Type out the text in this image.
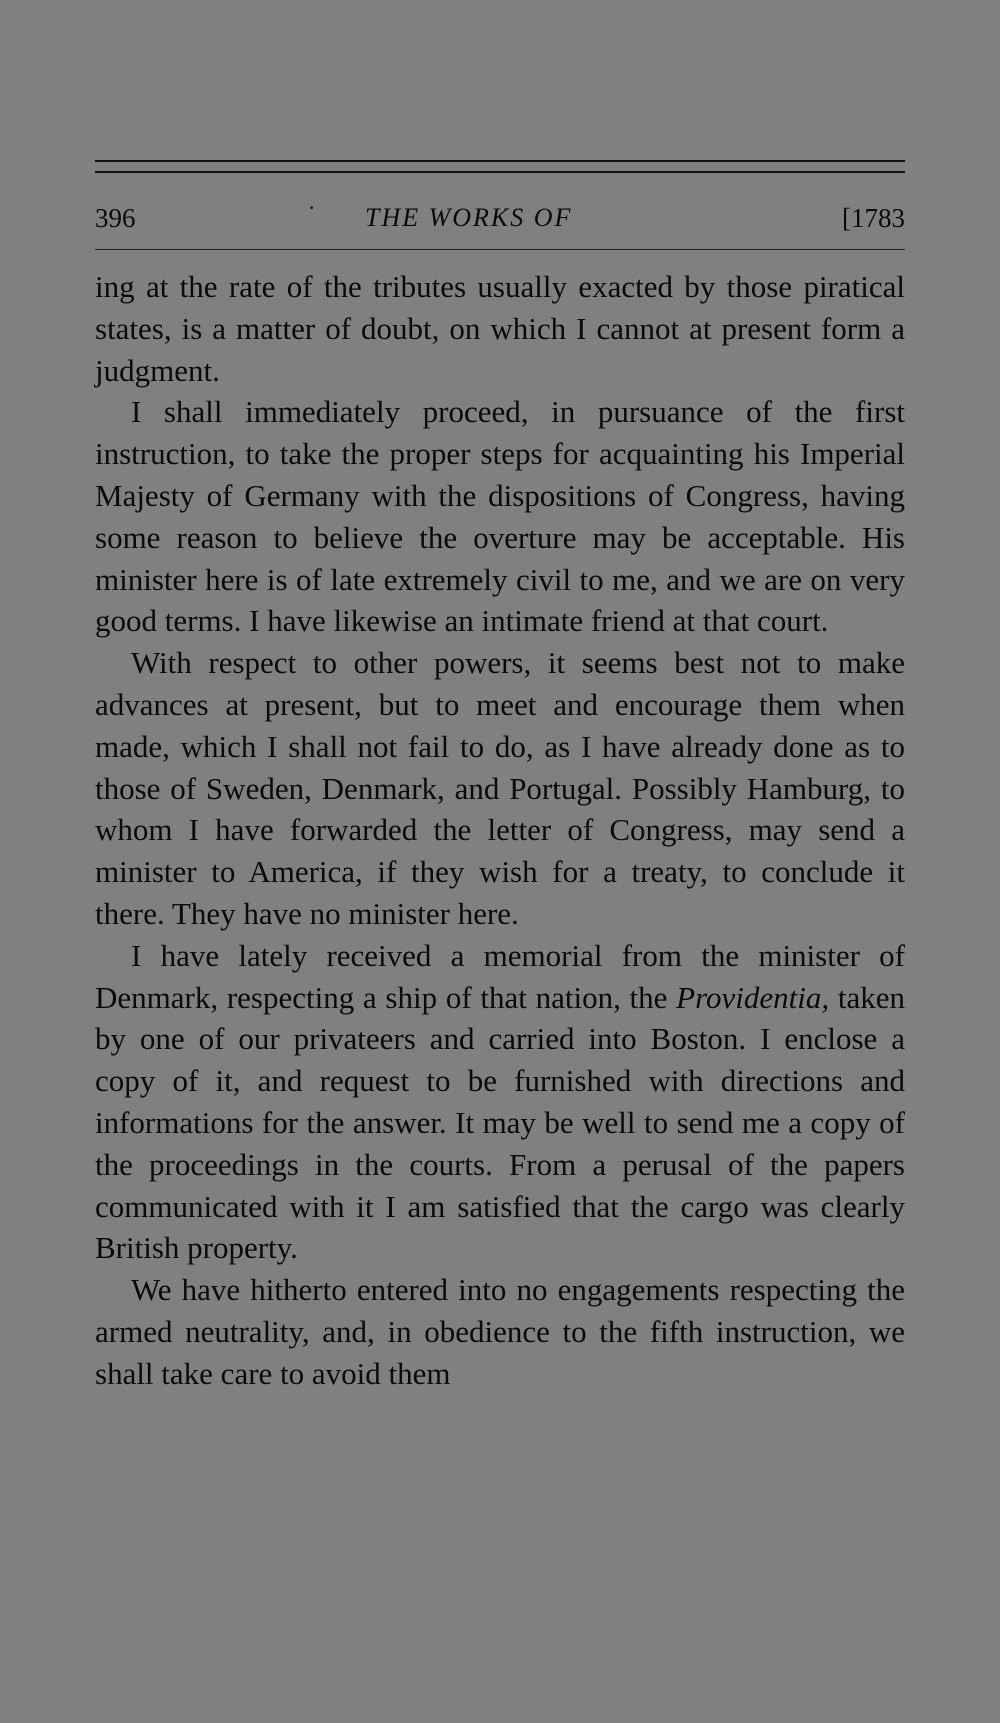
396	· THE WORKS OF	[1783

ing at the rate of the tributes usually exacted by those piratical states, is a matter of doubt, on which I cannot at present form a judgment.

I shall immediately proceed, in pursuance of the first instruction, to take the proper steps for acquainting his Imperial Majesty of Germany with the dispositions of Congress, having some reason to believe the overture may be acceptable. His minister here is of late extremely civil to me, and we are on very good terms. I have likewise an intimate friend at that court.

With respect to other powers, it seems best not to make advances at present, but to meet and encourage them when made, which I shall not fail to do, as I have already done as to those of Sweden, Denmark, and Portugal. Possibly Hamburg, to whom I have forwarded the letter of Congress, may send a minister to America, if they wish for a treaty, to conclude it there. They have no minister here.

I have lately received a memorial from the minister of Denmark, respecting a ship of that nation, the Providentia, taken by one of our privateers and carried into Boston. I enclose a copy of it, and request to be furnished with directions and informations for the answer. It may be well to send me a copy of the proceedings in the courts. From a perusal of the papers communicated with it I am satisfied that the cargo was clearly British property.

We have hitherto entered into no engagements respecting the armed neutrality, and, in obedience to the fifth instruction, we shall take care to avoid them
